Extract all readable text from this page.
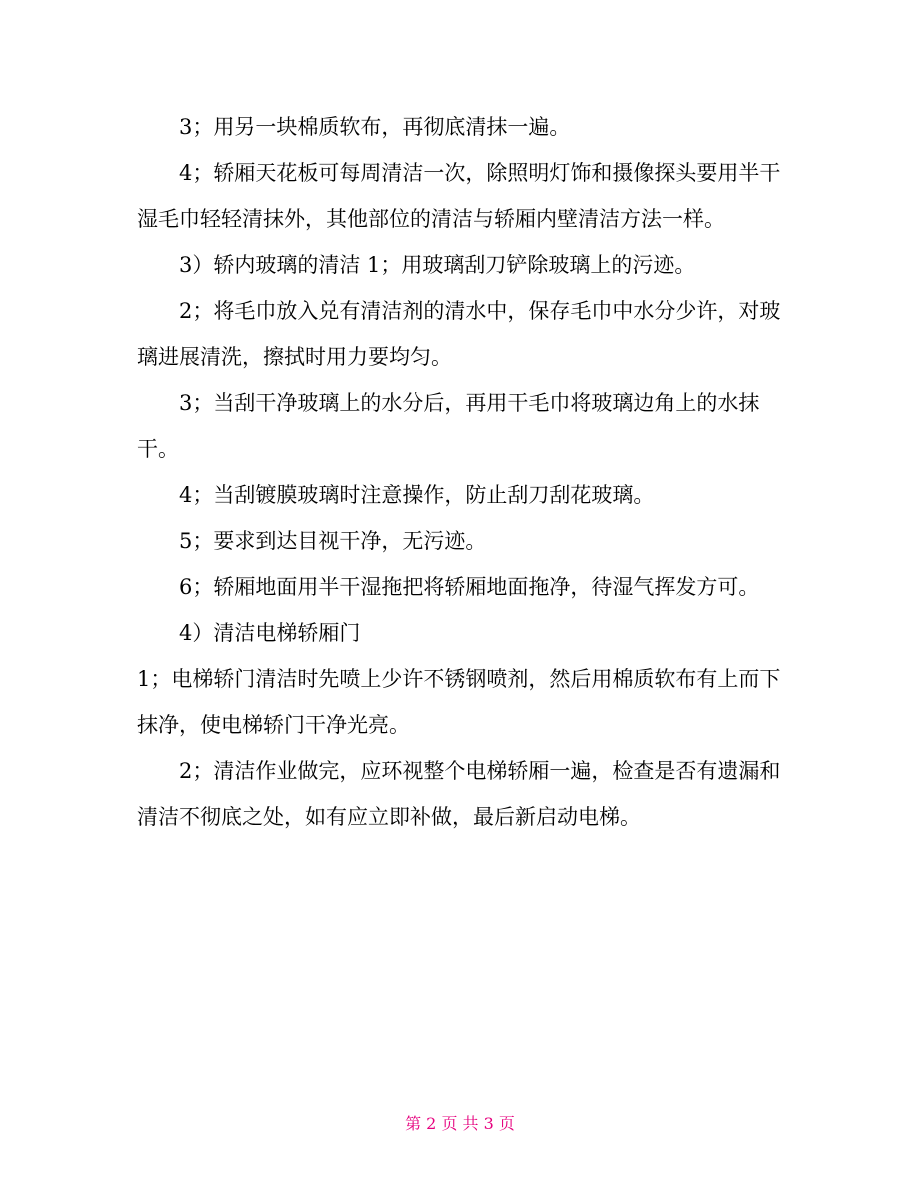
3；用另一块棉质软布，再彻底清抹一遍。

4；轿厢天花板可每周清洁一次，除照明灯饰和摄像探头要用半干湿毛巾轻轻清抹外，其他部位的清洁与轿厢内壁清洁方法一样。

3）轿内玻璃的清洁 1；用玻璃刮刀铲除玻璃上的污迹。

2；将毛巾放入兑有清洁剂的清水中，保存毛巾中水分少许，对玻璃进展清洗，擦拭时用力要均匀。

3；当刮干净玻璃上的水分后，再用干毛巾将玻璃边角上的水抹干。

4；当刮镀膜玻璃时注意操作，防止刮刀刮花玻璃。

5；要求到达目视干净，无污迹。

6；轿厢地面用半干湿拖把将轿厢地面拖净，待湿气挥发方可。

4）清洁电梯轿厢门

1；电梯轿门清洁时先喷上少许不锈钢喷剂，然后用棉质软布有上而下抹净，使电梯轿门干净光亮。

2；清洁作业做完，应环视整个电梯轿厢一遍，检查是否有遗漏和清洁不彻底之处，如有应立即补做，最后新启动电梯。

第 2 页 共 3 页
